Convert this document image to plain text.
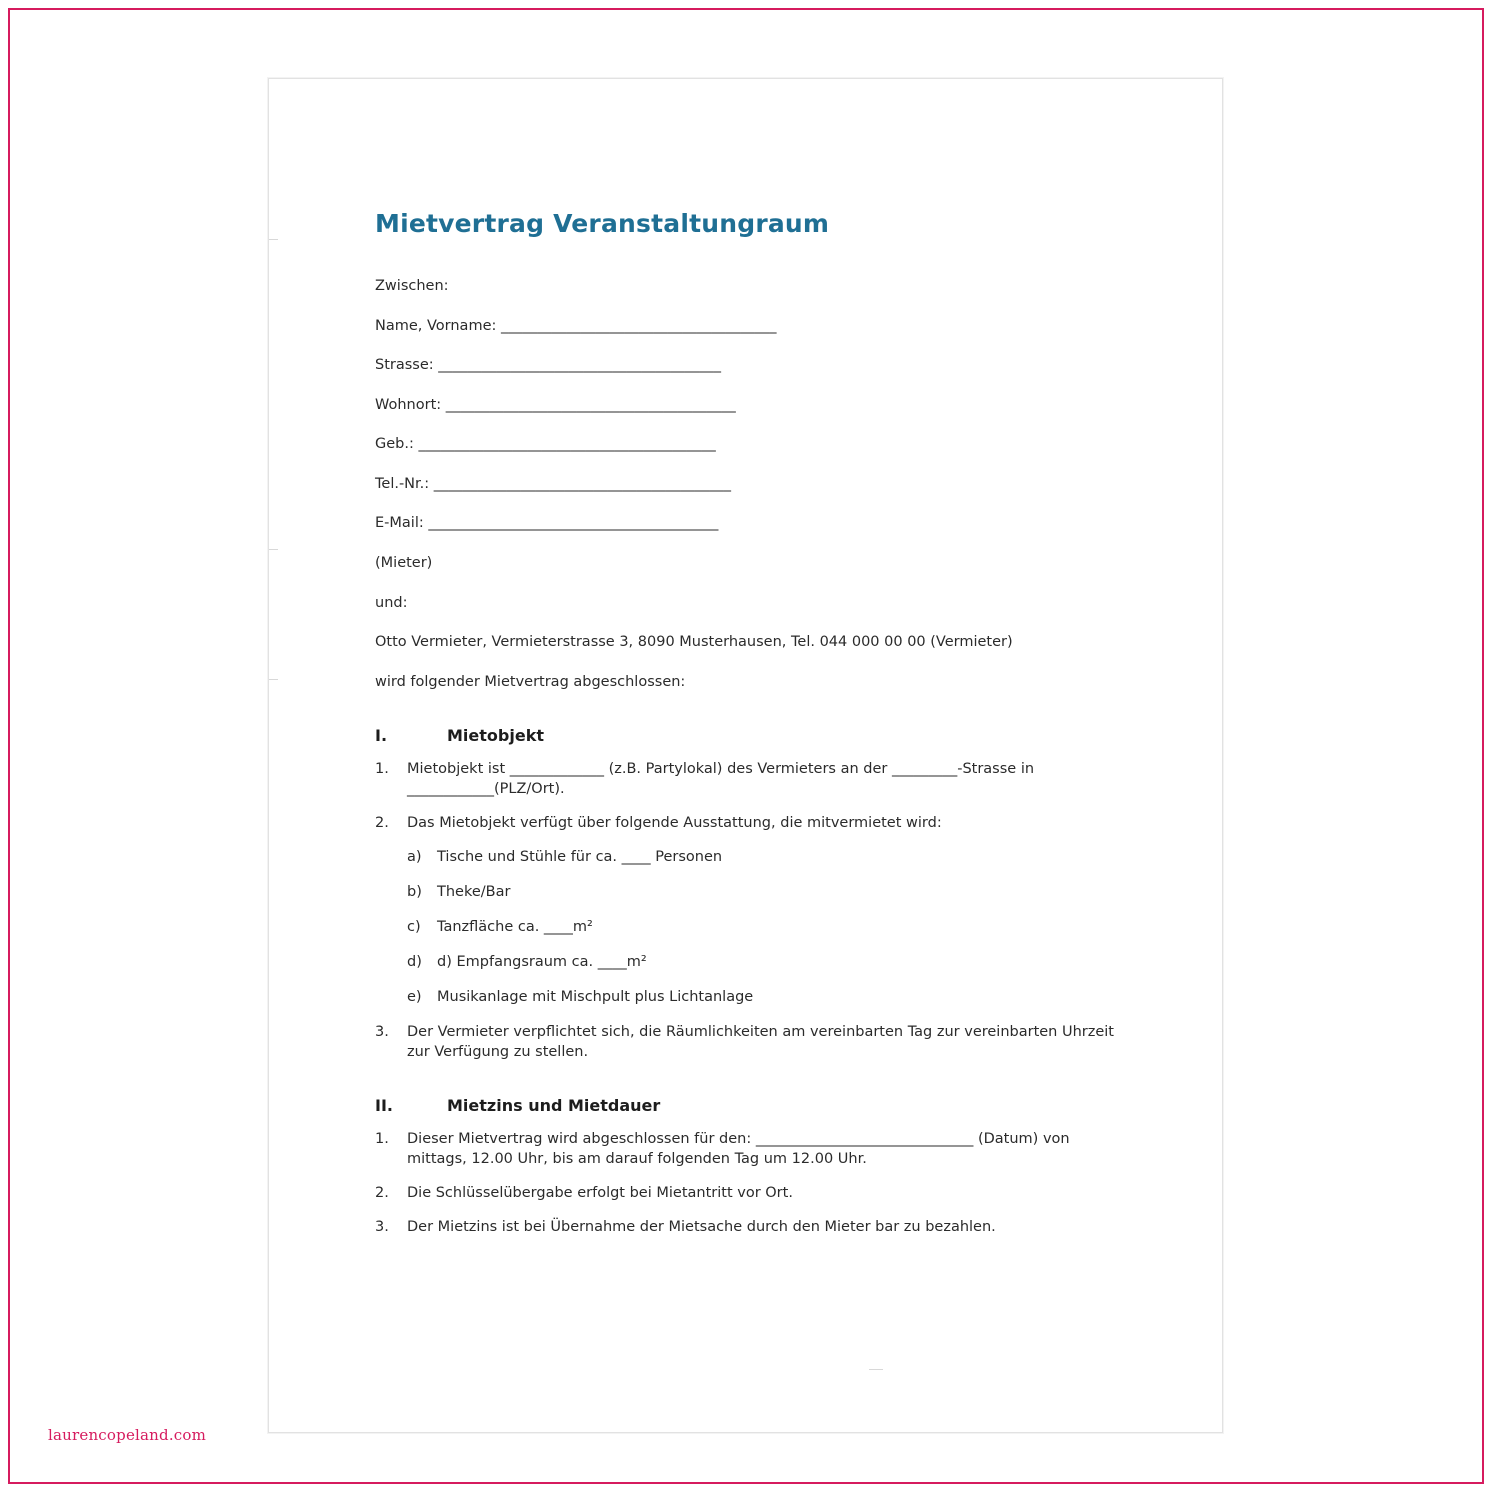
Mietvertrag Veranstaltungraum

Zwischen:

Name, Vorname: ______________________________________

Strasse: _______________________________________

Wohnort: ________________________________________

Geb.: _________________________________________

Tel.-Nr.: _________________________________________

E-Mail: ________________________________________

(Mieter)

und:

Otto Vermieter, Vermieterstrasse 3, 8090 Musterhausen, Tel. 044 000 00 00 (Vermieter)

wird folgender Mietvertrag abgeschlossen:

I.	Mietobjekt
1.	Mietobjekt ist _____________ (z.B. Partylokal) des Vermieters an der _________-Strasse in ____________(PLZ/Ort).
2.	Das Mietobjekt verfügt über folgende Ausstattung, die mitvermietet wird:
a)	Tische und Stühle für ca. ____ Personen
b)	Theke/Bar
c)	Tanzfläche ca. ____m²
d)	d) Empfangsraum ca. ____m²
e)	Musikanlage mit Mischpult plus Lichtanlage
3.	Der Vermieter verpflichtet sich, die Räumlichkeiten am vereinbarten Tag zur vereinbarten Uhrzeit zur Verfügung zu stellen.
II.	Mietzins und Mietdauer
1.	Dieser Mietvertrag wird abgeschlossen für den: ______________________________ (Datum) von mittags, 12.00 Uhr, bis am darauf folgenden Tag um 12.00 Uhr.
2.	Die Schlüsselübergabe erfolgt bei Mietantritt vor Ort.
3.	Der Mietzins ist bei Übernahme der Mietsache durch den Mieter bar zu bezahlen.
laurencopeland.com
